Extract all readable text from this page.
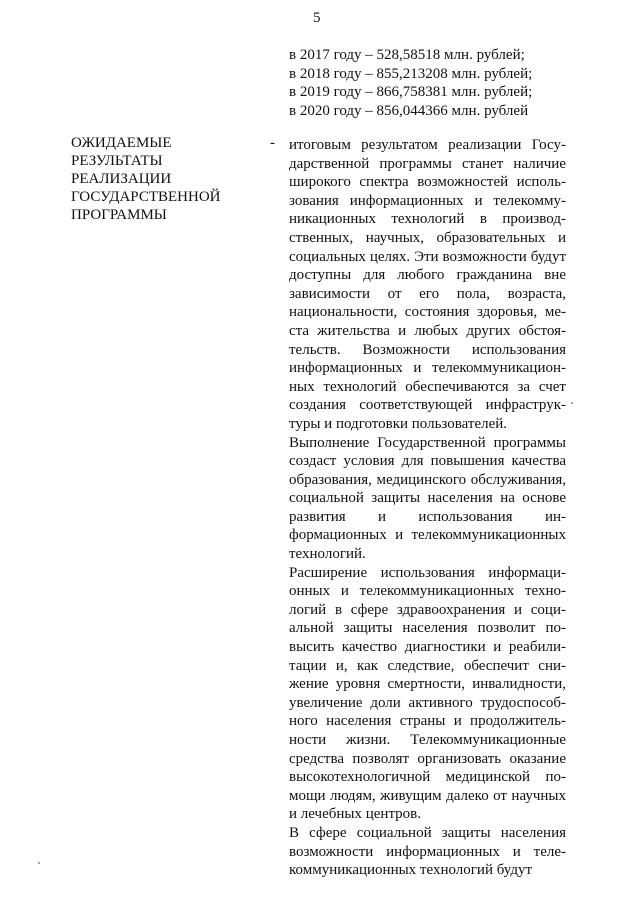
5

в 2017 году – 528,58518 млн. рублей;

в 2018 году – 855,213208 млн. рублей;

в 2019 году – 866,758381 млн. рублей;

в 2020 году – 856,044366 млн. рублей

ОЖИДАЕМЫЕ
РЕЗУЛЬТАТЫ
РЕАЛИЗАЦИИ
ГОСУДАРСТВЕННОЙ
ПРОГРАММЫ
- итоговым результатом реализации Государственной программы станет наличие широкого спектра возможностей использования информационных и телекоммуникационных технологий в производственных, научных, образовательных и социальных целях. Эти возможности будут доступны для любого гражданина вне зависимости от его пола, возраста, национальности, состояния здоровья, места жительства и любых других обстоятельств. Возможности использования информационных и телекоммуникационных технологий обеспечиваются за счет создания соответствующей инфраструктуры и подготовки пользователей.

Выполнение Государственной программы создаст условия для повышения качества образования, медицинского обслуживания, социальной защиты населения на основе развития и использования информационных и телекоммуникационных технологий.

Расширение использования информационных и телекоммуникационных технологий в сфере здравоохранения и социальной защиты населения позволит повысить качество диагностики и реабилитации и, как следствие, обеспечит снижение уровня смертности, инвалидности, увеличение доли активного трудоспособного населения страны и продолжительности жизни. Телекоммуникационные средства позволят организовать оказание высокотехнологичной медицинской помощи людям, живущим далеко от научных и лечебных центров.

В сфере социальной защиты населения возможности информационных и телекоммуникационных технологий будут
